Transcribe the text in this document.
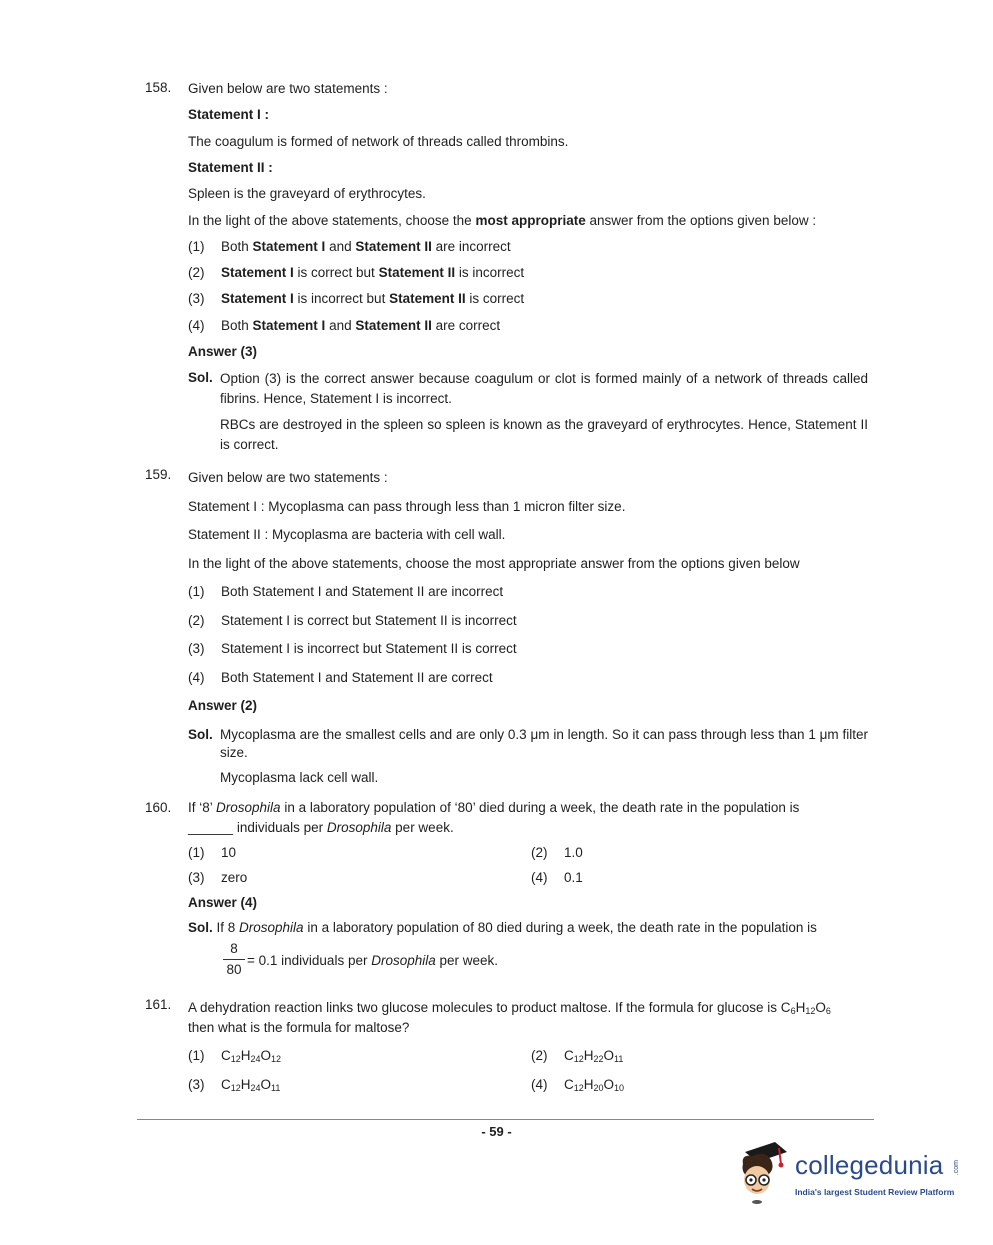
158. Given below are two statements :
Statement I :
The coagulum is formed of network of threads called thrombins.
Statement II :
Spleen is the graveyard of erythrocytes.
In the light of the above statements, choose the most appropriate answer from the options given below :
(1) Both Statement I and Statement II are incorrect
(2) Statement I is correct but Statement II is incorrect
(3) Statement I is incorrect but Statement II is correct
(4) Both Statement I and Statement II are correct
Answer (3)
Sol. Option (3) is the correct answer because coagulum or clot is formed mainly of a network of threads called fibrins. Hence, Statement I is incorrect.
RBCs are destroyed in the spleen so spleen is known as the graveyard of erythrocytes. Hence, Statement II is correct.
159. Given below are two statements :
Statement I : Mycoplasma can pass through less than 1 micron filter size.
Statement II : Mycoplasma are bacteria with cell wall.
In the light of the above statements, choose the most appropriate answer from the options given below
(1) Both Statement I and Statement II are incorrect
(2) Statement I is correct but Statement II is incorrect
(3) Statement I is incorrect but Statement II is correct
(4) Both Statement I and Statement II are correct
Answer (2)
Sol. Mycoplasma are the smallest cells and are only 0.3 μm in length. So it can pass through less than 1 μm filter size.
Mycoplasma lack cell wall.
160. If ‘8’ Drosophila in a laboratory population of ‘80’ died during a week, the death rate in the population is
______ individuals per Drosophila per week.
(1) 10	(2) 1.0
(3) zero	(4) 0.1
Answer (4)
Sol. If 8 Drosophila in a laboratory population of 80 died during a week, the death rate in the population is
8
80
= 0.1 individuals per Drosophila per week.
161. A dehydration reaction links two glucose molecules to product maltose. If the formula for glucose is $C_6H_{12}O_6$
then what is the formula for maltose?
(1) $C_{12}H_{24}O_{12}$	(2) $C_{12}H_{22}O_{11}$
(3) $C_{12}H_{24}O_{11}$	(4) $C_{12}H_{20}O_{10}$
- 59 -
collegedunia .com
India's largest Student Review Platform
